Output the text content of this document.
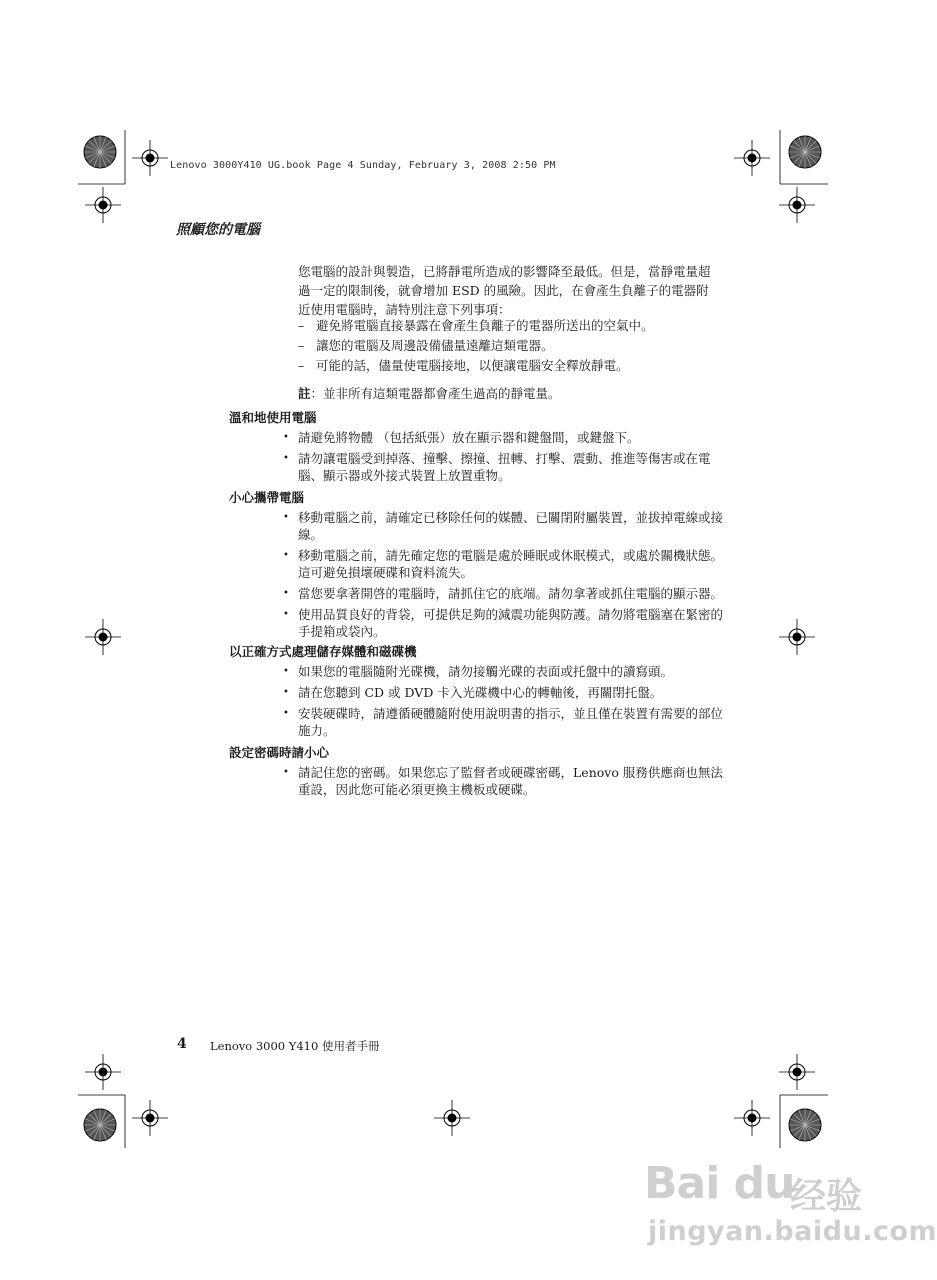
Lenovo 3000Y410 UG.book Page 4 Sunday, February 3, 2008 2:50 PM
照顧您的電腦
您電腦的設計與製造，已將靜電所造成的影響降至最低。但是，當靜電量超
過一定的限制後，就會增加 ESD 的風險。因此，在會產生負離子的電器附
近使用電腦時，請特別注意下列事項：
– 避免將電腦直接暴露在會產生負離子的電器所送出的空氣中。
– 讓您的電腦及周邊設備儘量遠離這類電器。
– 可能的話，儘量使電腦接地，以便讓電腦安全釋放靜電。
註：並非所有這類電器都會產生過高的靜電量。
溫和地使用電腦
• 請避免將物體 （包括紙張）放在顯示器和鍵盤間，或鍵盤下。
• 請勿讓電腦受到掉落、撞擊、擦撞、扭轉、打擊、震動、推進等傷害或在電腦、顯示器或外接式裝置上放置重物。
小心攜帶電腦
• 移動電腦之前，請確定已移除任何的媒體、已關閉附屬裝置，並拔掉電線或接線。
• 移動電腦之前，請先確定您的電腦是處於睡眠或休眠模式，或處於關機狀態。這可避免損壞硬碟和資料流失。
• 當您要拿著開啓的電腦時，請抓住它的底端。請勿拿著或抓住電腦的顯示器。
• 使用品質良好的背袋，可提供足夠的減震功能與防護。請勿將電腦塞在緊密的手提箱或袋內。
以正確方式處理儲存媒體和磁碟機
• 如果您的電腦隨附光碟機，請勿接觸光碟的表面或托盤中的讀寫頭。
• 請在您聽到 CD 或 DVD 卡入光碟機中心的轉軸後，再關閉托盤。
• 安裝硬碟時，請遵循硬體隨附使用說明書的指示，並且僅在裝置有需要的部位施力。
設定密碼時請小心
• 請記住您的密碼。如果您忘了監督者或硬碟密碼，Lenovo 服務供應商也無法重設，因此您可能必須更換主機板或硬碟。
4 Lenovo 3000 Y410 使用者手冊
Bai du
经验
jingyan.baidu.com
